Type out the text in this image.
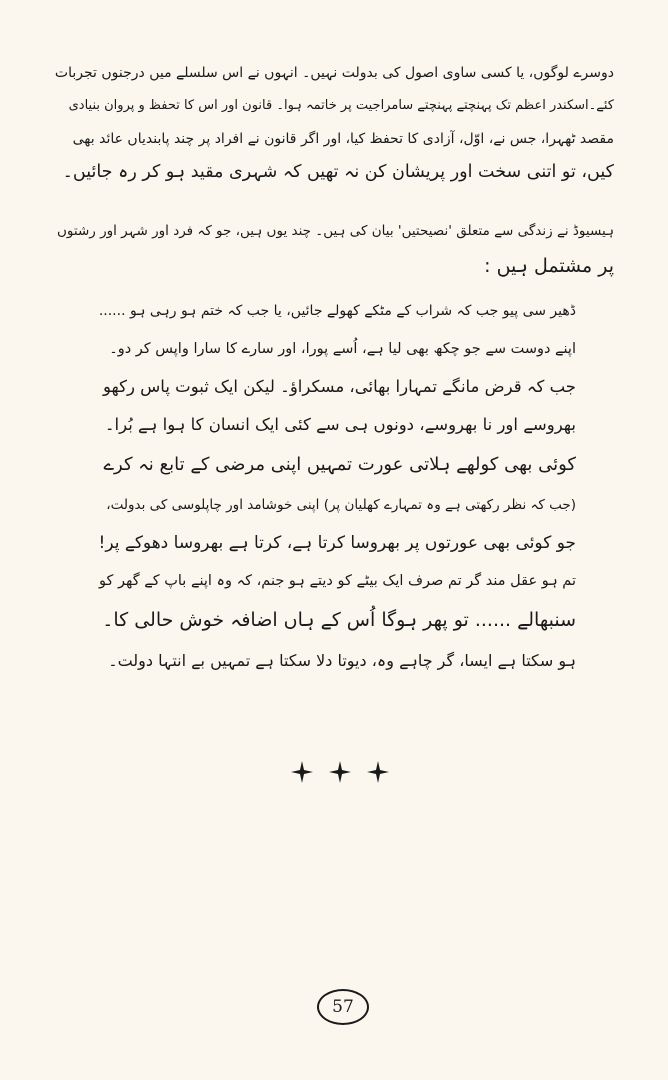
دوسرے لوگوں، یا کسی ساوی اصول کی بدولت نہیں۔ انہوں نے اس سلسلے میں درجنوں تجربات
کئے۔اسکندر اعظم تک پہنچتے پہنچتے سامراجیت پر خاتمہ ہوا۔ قانون اور اس کا تحفظ و پروان بنیادی
مقصد ٹھہرا، جس نے، اوّل، آزادی کا تحفظ کیا، اور اگر قانون نے افراد پر چند پابندیاں عائد بھی
کیں، تو اتنی سخت اور پریشان کن نہ تھیں کہ شہری مقید ہو کر رہ جائیں۔
ہیسیوڈ نے زندگی سے متعلق 'نصیحتیں' بیان کی ہیں۔ چند یوں ہیں، جو کہ فرد اور شہر اور رشتوں
پر مشتمل ہیں :
ڈھیر سی پیو جب کہ شراب کے مٹکے کھولے جائیں، یا جب کہ ختم ہو رہی ہو ......
اپنے دوست سے جو چکھ بھی لیا ہے، اُسے پورا، اور سارے کا سارا واپس کر دو۔
جب کہ قرض مانگے تمہارا بھائی، مسکراؤ۔ لیکن ایک ثبوت پاس رکھو
بھروسے اور نا بھروسے، دونوں ہی سے کئی ایک انسان کا ہوا ہے بُرا۔
کوئی بھی کولھے ہلاتی عورت تمہیں اپنی مرضی کے تابع نہ کرے
(جب کہ نظر رکھتی ہے وہ تمہارے کھلیان پر) اپنی خوشامد اور چاپلوسی کی بدولت،
جو کوئی بھی عورتوں پر بھروسا کرتا ہے، کرتا ہے بھروسا دھوکے پر!
تم ہو عقل مند گر تم صرف ایک بیٹے کو دیتے ہو جنم، کہ وہ اپنے باپ کے گھر کو
سنبھالے ...... تو پھر ہوگا اُس کے ہاں اضافہ خوش حالی کا۔
ہو سکتا ہے ایسا، گر چاہے وہ، دیوتا دلا سکتا ہے تمہیں بے انتہا دولت۔
57
